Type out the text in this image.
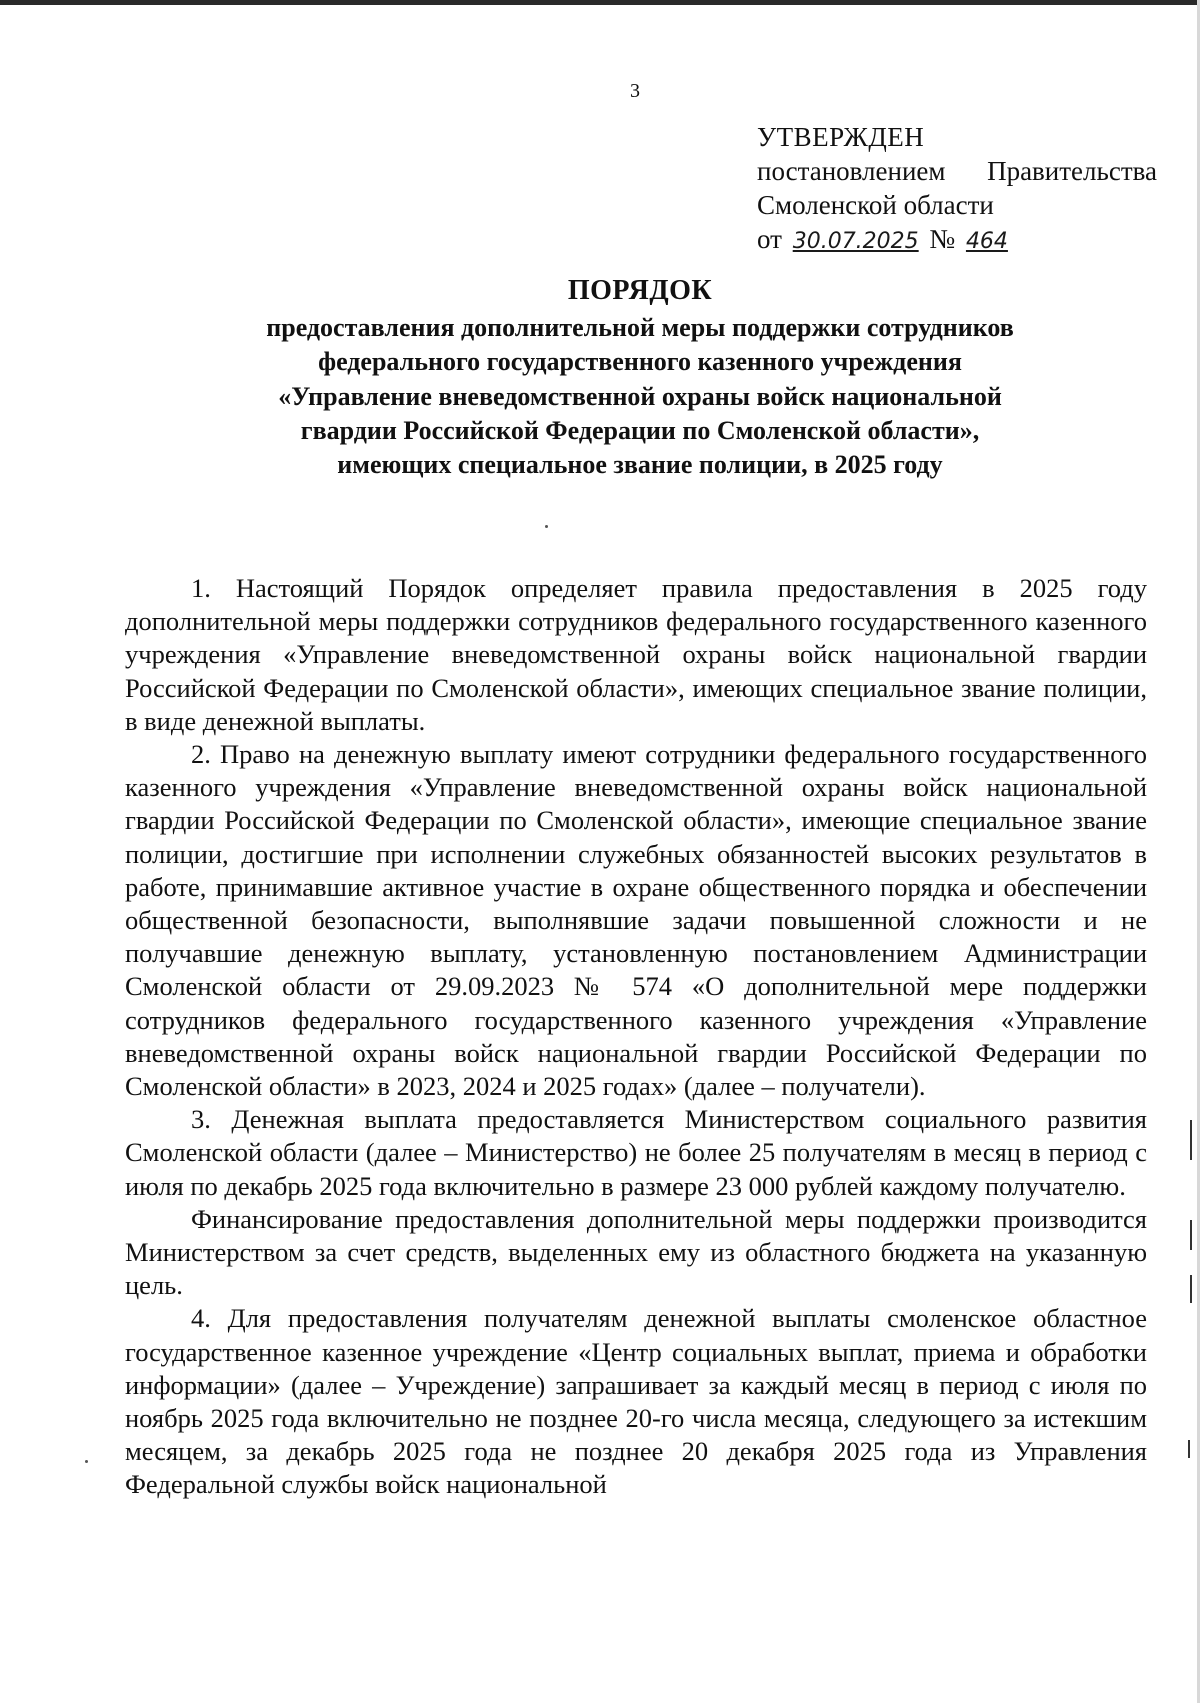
3
УТВЕРЖДЕН
постановлением Правительства
Смоленской области
от 30.07.2025 № 464
ПОРЯДОК
предоставления дополнительной меры поддержки сотрудников федерального государственного казенного учреждения «Управление вневедомственной охраны войск национальной гвардии Российской Федерации по Смоленской области», имеющих специальное звание полиции, в 2025 году

1. Настоящий Порядок определяет правила предоставления в 2025 году дополнительной меры поддержки сотрудников федерального государственного казенного учреждения «Управление вневедомственной охраны войск национальной гвардии Российской Федерации по Смоленской области», имеющих специальное звание полиции, в виде денежной выплаты.

2. Право на денежную выплату имеют сотрудники федерального государственного казенного учреждения «Управление вневедомственной охраны войск национальной гвардии Российской Федерации по Смоленской области», имеющие специальное звание полиции, достигшие при исполнении служебных обязанностей высоких результатов в работе, принимавшие активное участие в охране общественного порядка и обеспечении общественной безопасности, выполнявшие задачи повышенной сложности и не получавшие денежную выплату, установленную постановлением Администрации Смоленской области от 29.09.2023 № 574 «О дополнительной мере поддержки сотрудников федерального государственного казенного учреждения «Управление вневедомственной охраны войск национальной гвардии Российской Федерации по Смоленской области» в 2023, 2024 и 2025 годах» (далее – получатели).

3. Денежная выплата предоставляется Министерством социального развития Смоленской области (далее – Министерство) не более 25 получателям в месяц в период с июля по декабрь 2025 года включительно в размере 23 000 рублей каждому получателю.

Финансирование предоставления дополнительной меры поддержки производится Министерством за счет средств, выделенных ему из областного бюджета на указанную цель.

4. Для предоставления получателям денежной выплаты смоленское областное государственное казенное учреждение «Центр социальных выплат, приема и обработки информации» (далее – Учреждение) запрашивает за каждый месяц в период с июля по ноябрь 2025 года включительно не позднее 20-го числа месяца, следующего за истекшим месяцем, за декабрь 2025 года не позднее 20 декабря 2025 года из Управления Федеральной службы войск национальной
